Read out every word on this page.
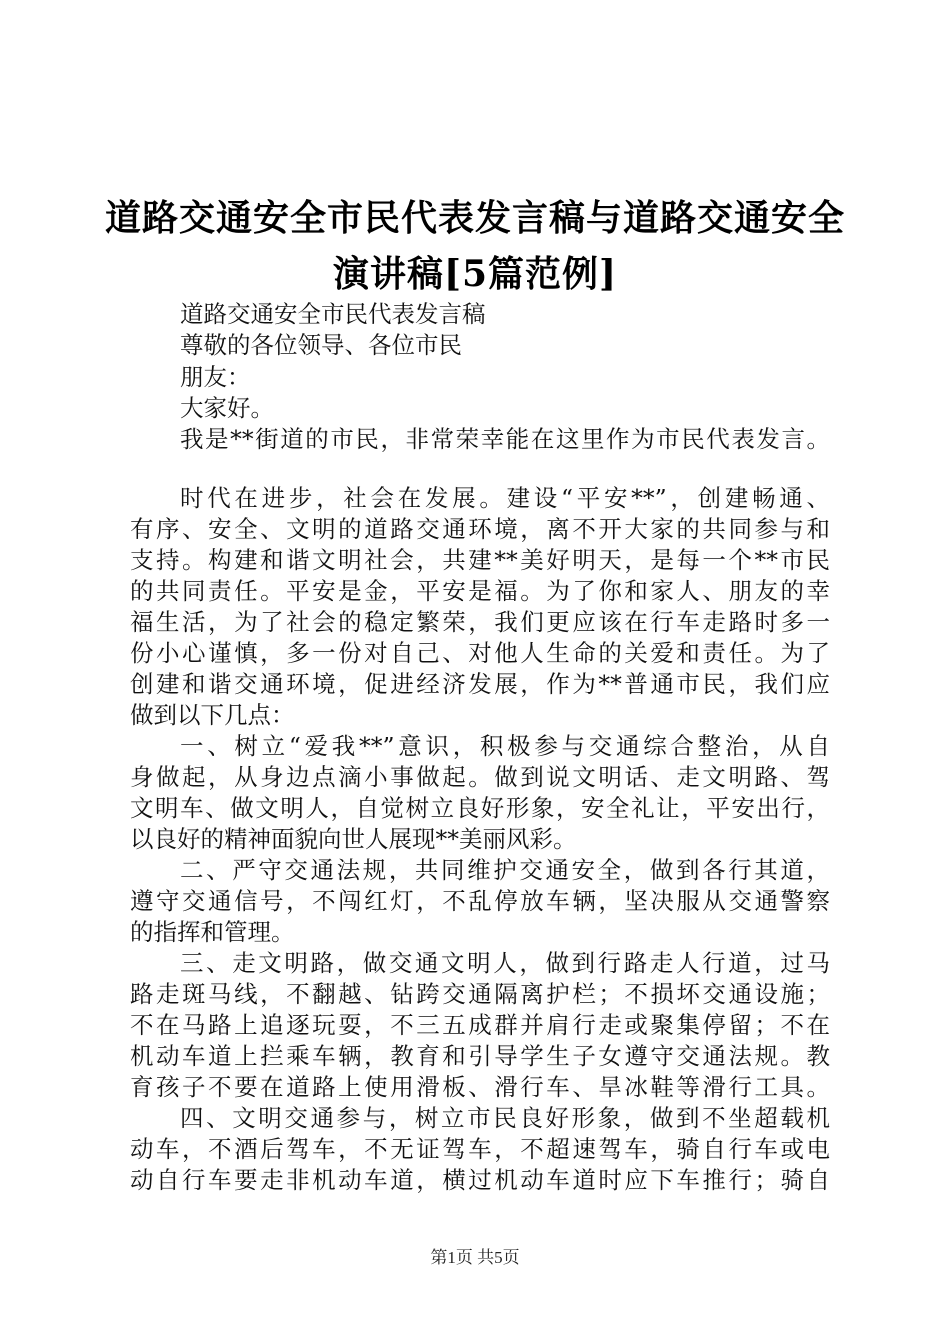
道路交通安全市民代表发言稿与道路交通安全
演讲稿[5篇范例]
道路交通安全市民代表发言稿
尊敬的各位领导、各位市民
朋友：
大家好。
我是**街道的市民，非常荣幸能在这里作为市民代表发言。
时代在进步，社会在发展。建设“平安**”，创建畅通、
有序、安全、文明的道路交通环境，离不开大家的共同参与和
支持。构建和谐文明社会，共建**美好明天，是每一个**市民
的共同责任。平安是金，平安是福。为了你和家人、朋友的幸
福生活，为了社会的稳定繁荣，我们更应该在行车走路时多一
份小心谨慎，多一份对自己、对他人生命的关爱和责任。为了
创建和谐交通环境，促进经济发展，作为**普通市民，我们应
做到以下几点：
一、树立“爱我**”意识，积极参与交通综合整治，从自
身做起，从身边点滴小事做起。做到说文明话、走文明路、驾
文明车、做文明人，自觉树立良好形象，安全礼让，平安出行，
以良好的精神面貌向世人展现**美丽风彩。
二、严守交通法规，共同维护交通安全，做到各行其道，
遵守交通信号，不闯红灯，不乱停放车辆，坚决服从交通警察
的指挥和管理。
三、走文明路，做交通文明人，做到行路走人行道，过马
路走斑马线，不翻越、钻跨交通隔离护栏；不损坏交通设施；
不在马路上追逐玩耍，不三五成群并肩行走或聚集停留；不在
机动车道上拦乘车辆，教育和引导学生子女遵守交通法规。教
育孩子不要在道路上使用滑板、滑行车、旱冰鞋等滑行工具。
四、文明交通参与，树立市民良好形象，做到不坐超载机
动车，不酒后驾车，不无证驾车，不超速驾车，骑自行车或电
动自行车要走非机动车道，横过机动车道时应下车推行；骑自
第1页 共5页
